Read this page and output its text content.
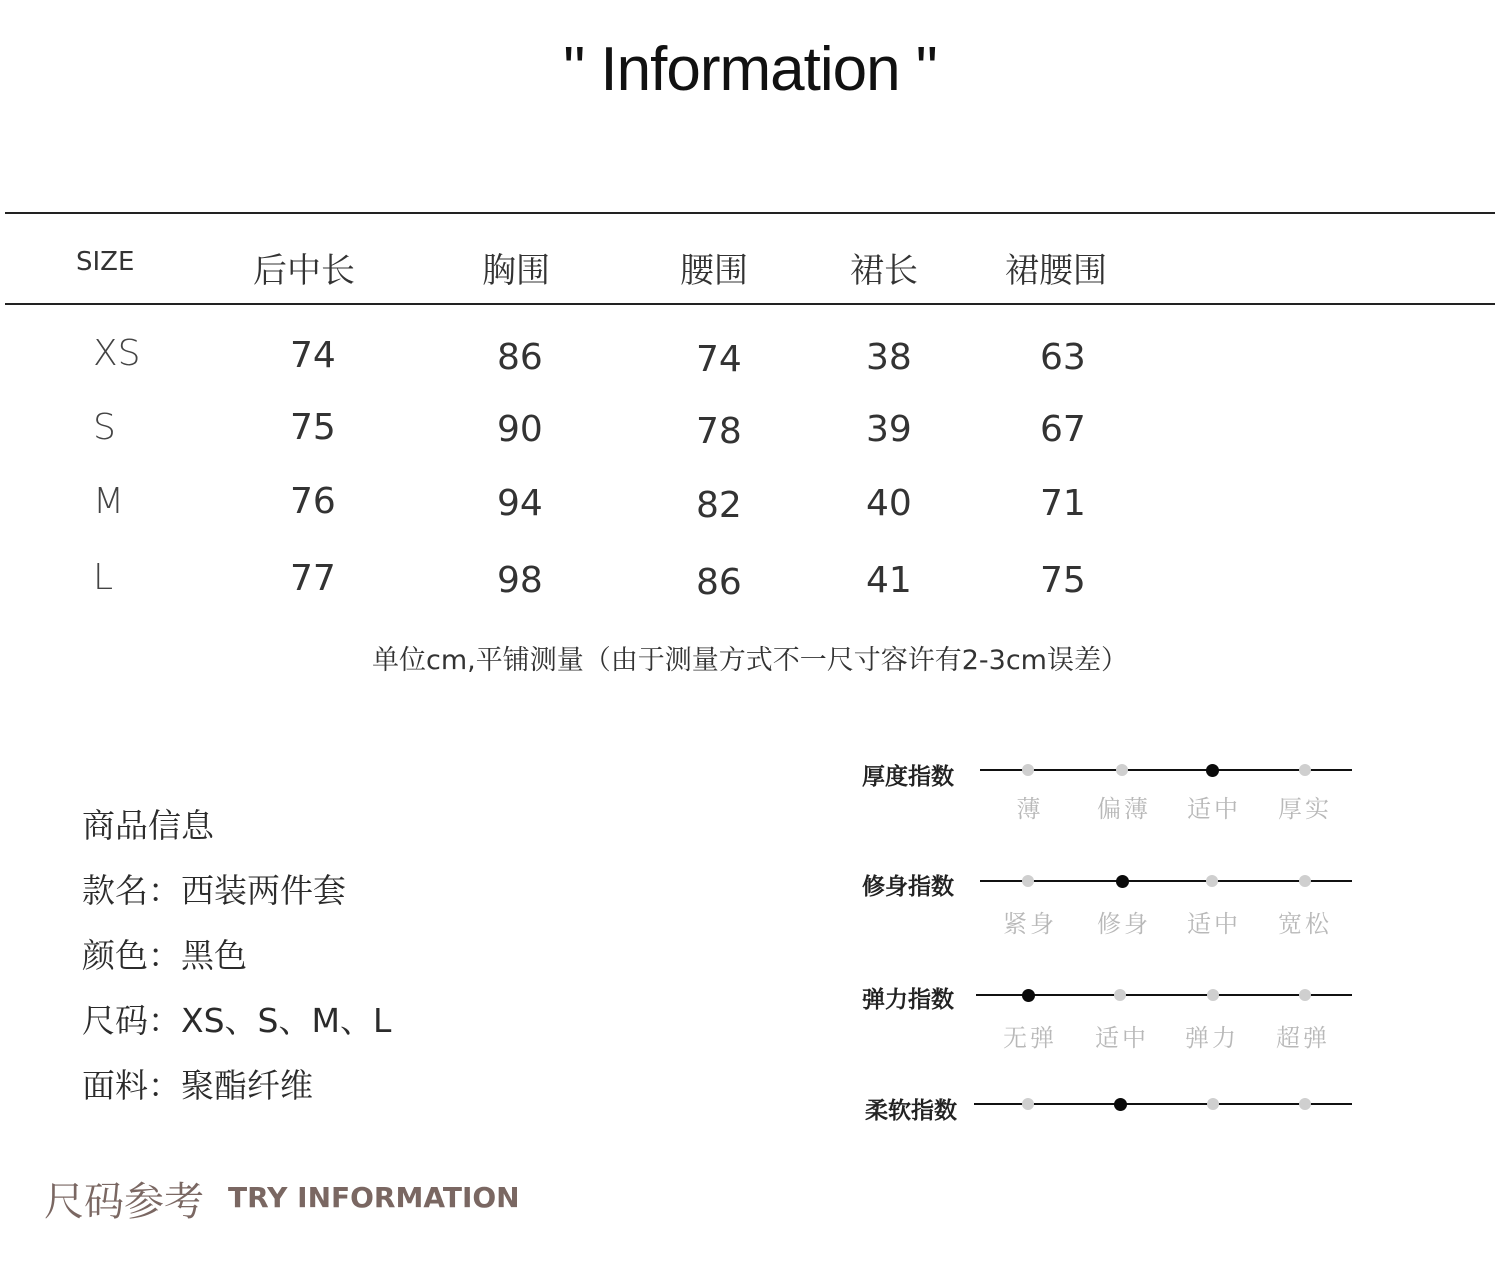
" Information "
SIZE	后中长	胸围	腰围	裙长	裙腰围
XS	74	86	74	38	63
S	75	90	78	39	67
M	76	94	82	40	71
L	77	98	86	41	75
单位cm,平铺测量（由于测量方式不一尺寸容许有2-3cm误差）
商品信息
款名：西装两件套
颜色：黑色
尺码：XS、S、M、L
面料：聚酯纤维
厚度指数
薄 偏薄 适中 厚实
修身指数
紧身 修身 适中 宽松
弹力指数
无弹 适中 弹力 超弹
柔软指数
尺码参考 TRY INFORMATION
